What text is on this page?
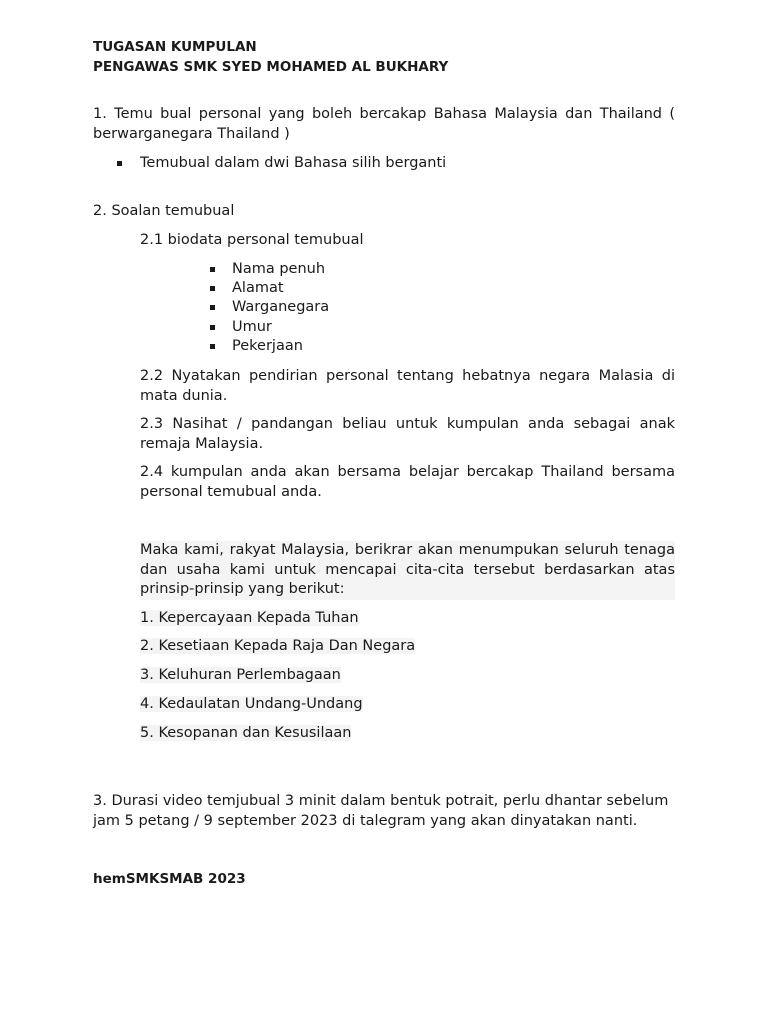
TUGASAN KUMPULAN
PENGAWAS SMK SYED MOHAMED AL BUKHARY
1. Temu bual personal yang boleh bercakap Bahasa Malaysia dan Thailand ( berwarganegara Thailand )
Temubual dalam dwi Bahasa silih berganti
2. Soalan temubual
2.1 biodata personal temubual
Nama penuh
Alamat
Warganegara
Umur
Pekerjaan
2.2 Nyatakan pendirian personal tentang hebatnya negara Malasia di mata dunia.
2.3 Nasihat / pandangan beliau untuk kumpulan anda sebagai anak remaja Malaysia.
2.4 kumpulan anda akan bersama belajar bercakap Thailand bersama personal temubual anda.
Maka kami, rakyat Malaysia, berikrar akan menumpukan seluruh tenaga dan usaha kami untuk mencapai cita-cita tersebut berdasarkan atas prinsip-prinsip yang berikut:
1. Kepercayaan Kepada Tuhan
2. Kesetiaan Kepada Raja Dan Negara
3. Keluhuran Perlembagaan
4. Kedaulatan Undang-Undang
5. Kesopanan dan Kesusilaan
3. Durasi video temjubual 3 minit dalam bentuk potrait, perlu dhantar sebelum jam 5 petang / 9 september 2023 di talegram yang akan dinyatakan nanti.
hemSMKSMAB 2023
